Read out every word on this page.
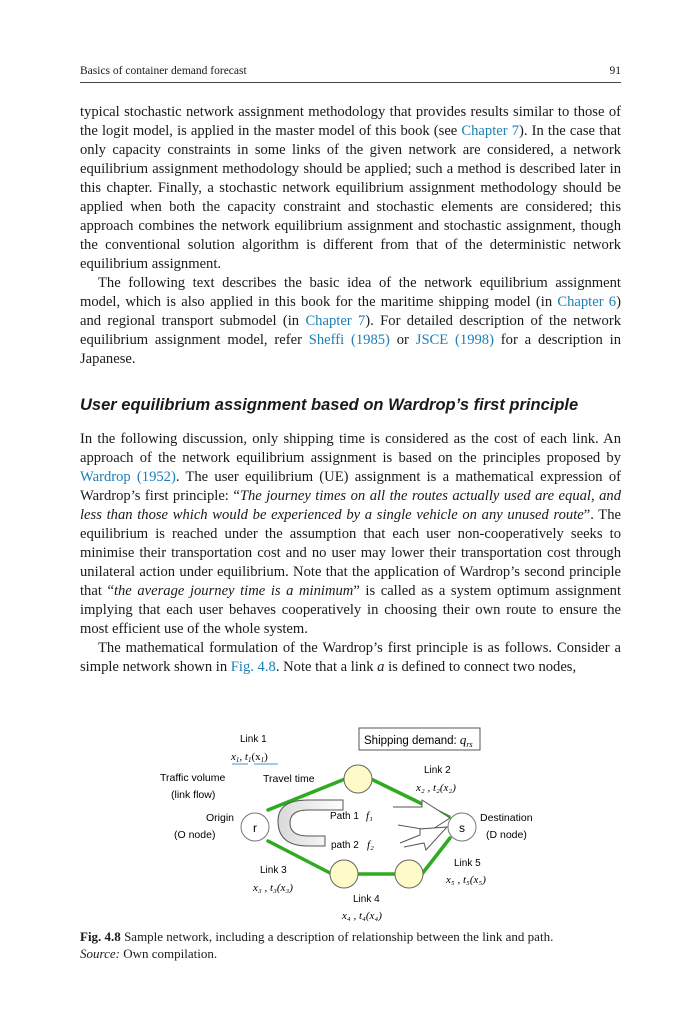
Basics of container demand forecast	91

typical stochastic network assignment methodology that provides results similar to those of the logit model, is applied in the master model of this book (see Chapter 7). In the case that only capacity constraints in some links of the given network are considered, a network equilibrium assignment methodology should be applied; such a method is described later in this chapter. Finally, a stochastic network equilibrium assignment methodology should be applied when both the capacity constraint and stochastic elements are considered; this approach combines the network equilibrium assignment and stochastic assignment, though the conventional solution algorithm is different from that of the deterministic network equilibrium assignment.

The following text describes the basic idea of the network equilibrium assignment model, which is also applied in this book for the maritime shipping model (in Chapter 6) and regional transport submodel (in Chapter 7). For detailed description of the network equilibrium assignment model, refer Sheffi (1985) or JSCE (1998) for a description in Japanese.

User equilibrium assignment based on Wardrop’s first principle

In the following discussion, only shipping time is considered as the cost of each link. An approach of the network equilibrium assignment is based on the principles proposed by Wardrop (1952). The user equilibrium (UE) assignment is a mathematical expression of Wardrop’s first principle: “The journey times on all the routes actually used are equal, and less than those which would be experienced by a single vehicle on any unused route”. The equilibrium is reached under the assumption that each user non-cooperatively seeks to minimise their transportation cost and no user may lower their transportation cost through unilateral action under equilibrium. Note that the application of Wardrop’s second principle that “the average journey time is a minimum” is called as a system optimum assignment implying that each user behaves cooperatively in choosing their own route to ensure the most efficient use of the whole system.

The mathematical formulation of the Wardrop’s first principle is as follows. Consider a simple network shown in Fig. 4.8. Note that a link a is defined to connect two nodes,

r	s
Shipping demand: $q_{rs}$
Link 1
x1, t1(x1)
Traffic volume
(link flow)
Travel time
Link 2
x₂ , t₂(x₂)
Origin
(O node)
Destination
(D node)
Path 1 f₁
path 2 f₂
Link 3
x₃ , t₃(x₃)
Link 4
x₄ , t₄(x₄)
Link 5
x₅ , t₅(x₅)
Fig. 4.8 Sample network, including a description of relationship between the link and path.
Source: Own compilation.
